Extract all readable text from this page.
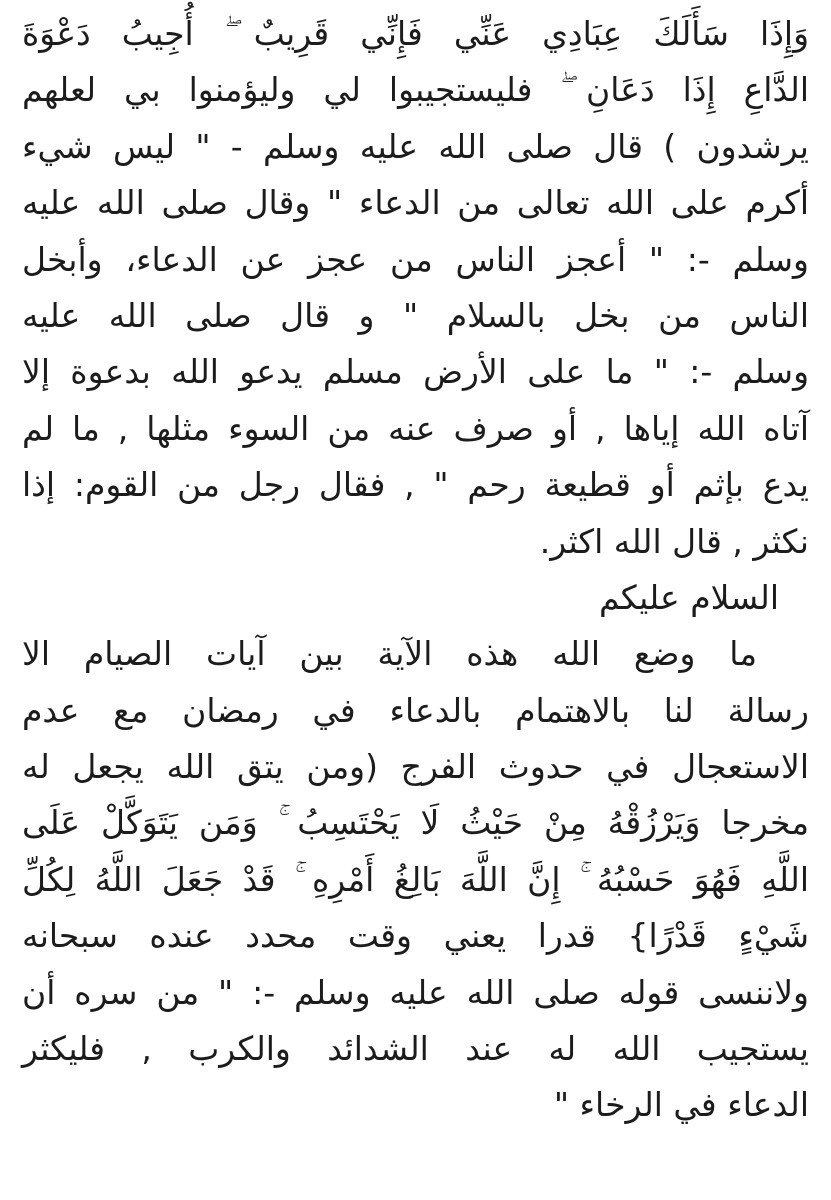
وَإِذَا سَأَلَكَ عِبَادِي عَنِّي فَإِنِّي قَرِيبٌ ۖ أُجِيبُ دَعْوَةَ
الدَّاعِ إِذَا دَعَانِ ۖ فليستجيبوا لي وليؤمنوا بي لعلهم
يرشدون ) قال صلى الله عليه وسلم - " ليس شيء
أكرم على الله تعالى من الدعاء " وقال صلى الله عليه
وسلم -: " أعجز الناس من عجز عن الدعاء، وأبخل
الناس من بخل بالسلام " و قال صلى الله عليه
وسلم -: " ما على الأرض مسلم يدعو الله بدعوة إلا
آتاه الله إياها , أو صرف عنه من السوء مثلها , ما لم
يدع بإثم أو قطيعة رحم " , فقال رجل من القوم: إذا
نكثر , قال الله اكثر.
السلام عليكم
ما وضع الله هذه الآية بين آيات الصيام الا
رسالة لنا بالاهتمام بالدعاء في رمضان مع عدم
الاستعجال في حدوث الفرج (ومن يتق الله يجعل له
مخرجا وَيَرْزُقْهُ مِنْ حَيْثُ لَا يَحْتَسِبُ ۚ وَمَن يَتَوَكَّلْ عَلَى
اللَّهِ فَهُوَ حَسْبُهُ ۚ إِنَّ اللَّهَ بَالِغُ أَمْرِهِ ۚ قَدْ جَعَلَ اللَّهُ لِكُلِّ
شَيْءٍ قَدْرًا} قدرا يعني وقت محدد عنده سبحانه
ولاننسى قوله صلى الله عليه وسلم -: " من سره أن
يستجيب الله له عند الشدائد والكرب , فليكثر
الدعاء في الرخاء "
